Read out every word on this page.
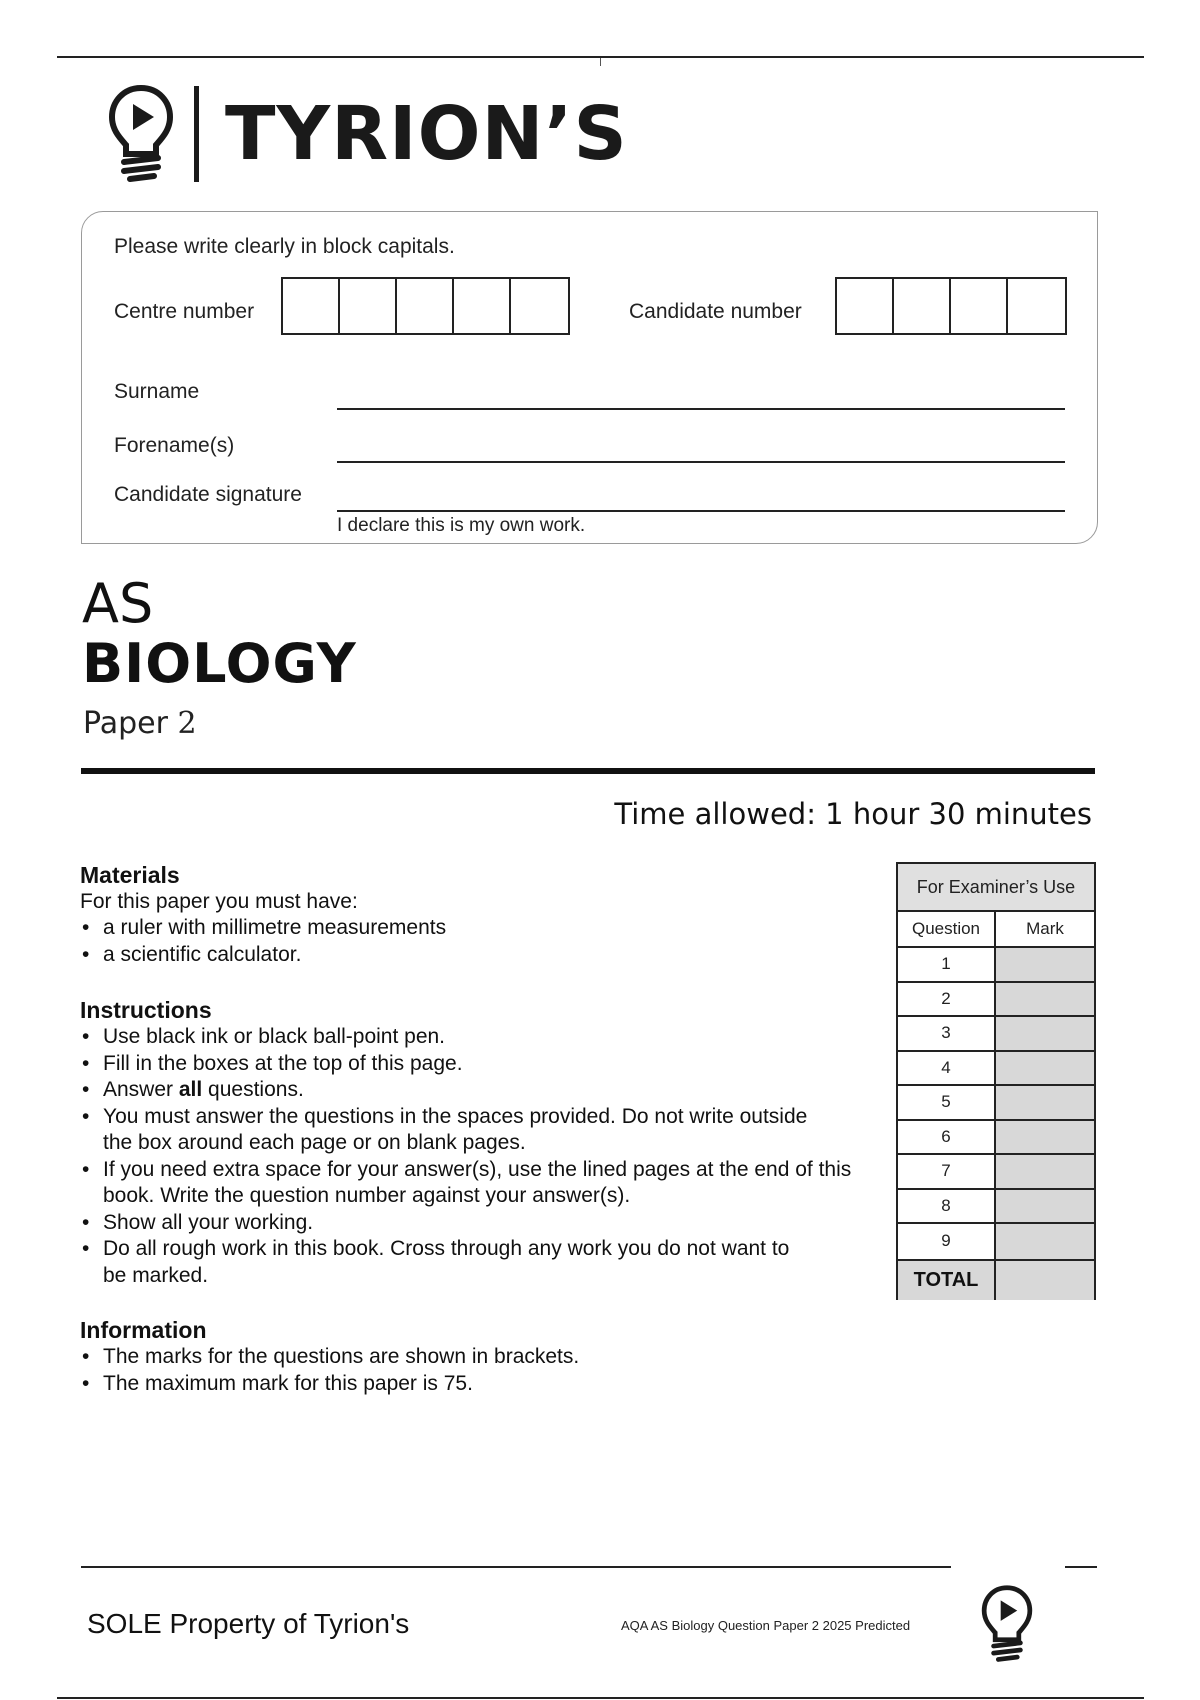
TYRION’S
Please write clearly in block capitals.
Centre number	Candidate number
Surname
Forename(s)
Candidate signature
I declare this is my own work.
AS
BIOLOGY
Paper 2
Time allowed: 1 hour 30 minutes
Materials

For this paper you must have:

• a ruler with millimetre measurements
• a scientific calculator.
Instructions
• Use black ink or black ball-point pen.
• Fill in the boxes at the top of this page.
• Answer all questions.
• You must answer the questions in the spaces provided. Do not write outside the box around each page or on blank pages.
• If you need extra space for your answer(s), use the lined pages at the end of this book. Write the question number against your answer(s).
• Show all your working.
• Do all rough work in this book. Cross through any work you do not want to be marked.
Information
• The marks for the questions are shown in brackets.
• The maximum mark for this paper is 75.
For Examiner’s Use
Question	Mark
1
2
3
4
5
6
7
8
9
TOTAL
SOLE Property of Tyrion's	AQA AS Biology Question Paper 2 2025 Predicted
